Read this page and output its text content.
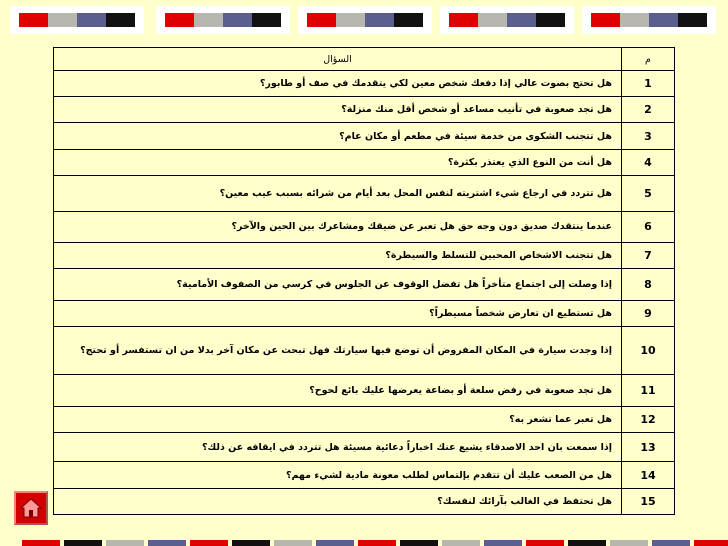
م	السؤال
1	هل تحتج بصوت عالي إذا دفعك شخص معين لكي يتقدمك في صف أو طابور؟
2	هل تجد صعوبة في تأنيب مساعد أو شخص أقل منك منزلة؟
3	هل تتجنب الشكوى من خدمة سيئة في مطعم أو مكان عام؟
4	هل أنت من النوع الذي يعتذر بكثرة؟
5	هل تتردد في ارجاع شيء اشتريته لنفس المحل بعد أيام من شرائه بسبب عيب معين؟
6	عندما ينتقدك صديق دون وجه حق هل تعبر عن ضيقك ومشاعرك بين الحين والآخر؟
7	هل تتجنب الاشخاص المحبين للتسلط والسيطرة؟
8	إذا وصلت إلى اجتماع متأخراً هل تفضل الوقوف عن الجلوس في كرسي من الصفوف الأمامية؟
9	هل تستطيع ان تعارض شخصاً مسيطراً؟
10	إذا وجدت سيارة في المكان المفروض أن توضع فيها سيارتك فهل تبحث عن مكان آخر بدلا من ان تستفسر أو تحتج؟
11	هل تجد صعوبة في رفض سلعة أو بضاعة يعرضها عليك بائع لحوح؟
12	هل تعبر عما تشعر به؟
13	إذا سمعت بان احد الاصدقاء يشيع عنك اخباراً دعائية مسيئة هل تتردد في ايقافه عن ذلك؟
14	هل من الصعب عليك أن تتقدم بإلتماس لطلب معونة مادية لشيء مهم؟
15	هل تحتفظ في الغالب بآرائك لنفسك؟
